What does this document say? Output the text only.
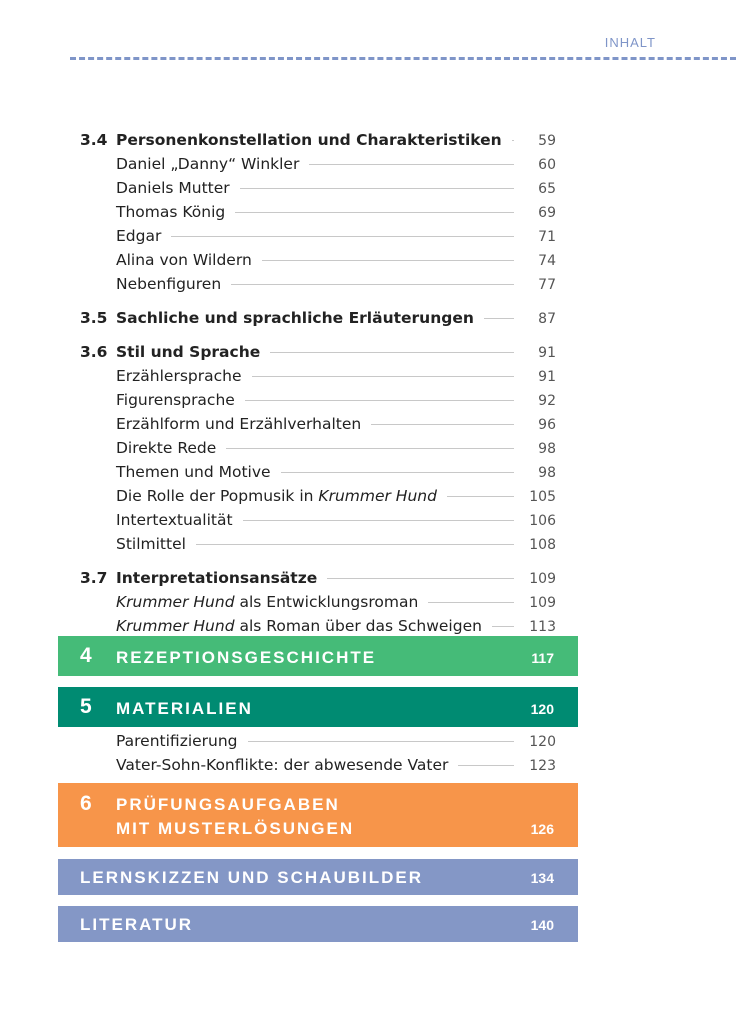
INHALT
3.4 Personenkonstellation und Charakteristiken	59
Daniel „Danny“ Winkler	60
Daniels Mutter	65
Thomas König	69
Edgar	71
Alina von Wildern	74
Nebenfiguren	77
3.5 Sachliche und sprachliche Erläuterungen	87
3.6 Stil und Sprache	91
Erzählersprache	91
Figurensprache	92
Erzählform und Erzählverhalten	96
Direkte Rede	98
Themen und Motive	98
Die Rolle der Popmusik in Krummer Hund	105
Intertextualität	106
Stilmittel	108
3.7 Interpretationsansätze	109
Krummer Hund als Entwicklungsroman	109
Krummer Hund als Roman über das Schweigen	113
4 REZEPTIONSGESCHICHTE	117
5 MATERIALIEN	120
Parentifizierung	120
Vater-Sohn-Konflikte: der abwesende Vater	123
6 PRÜFUNGSAUFGABEN
MIT MUSTERLÖSUNGEN	126
LERNSKIZZEN UND SCHAUBILDER	134
LITERATUR	140
